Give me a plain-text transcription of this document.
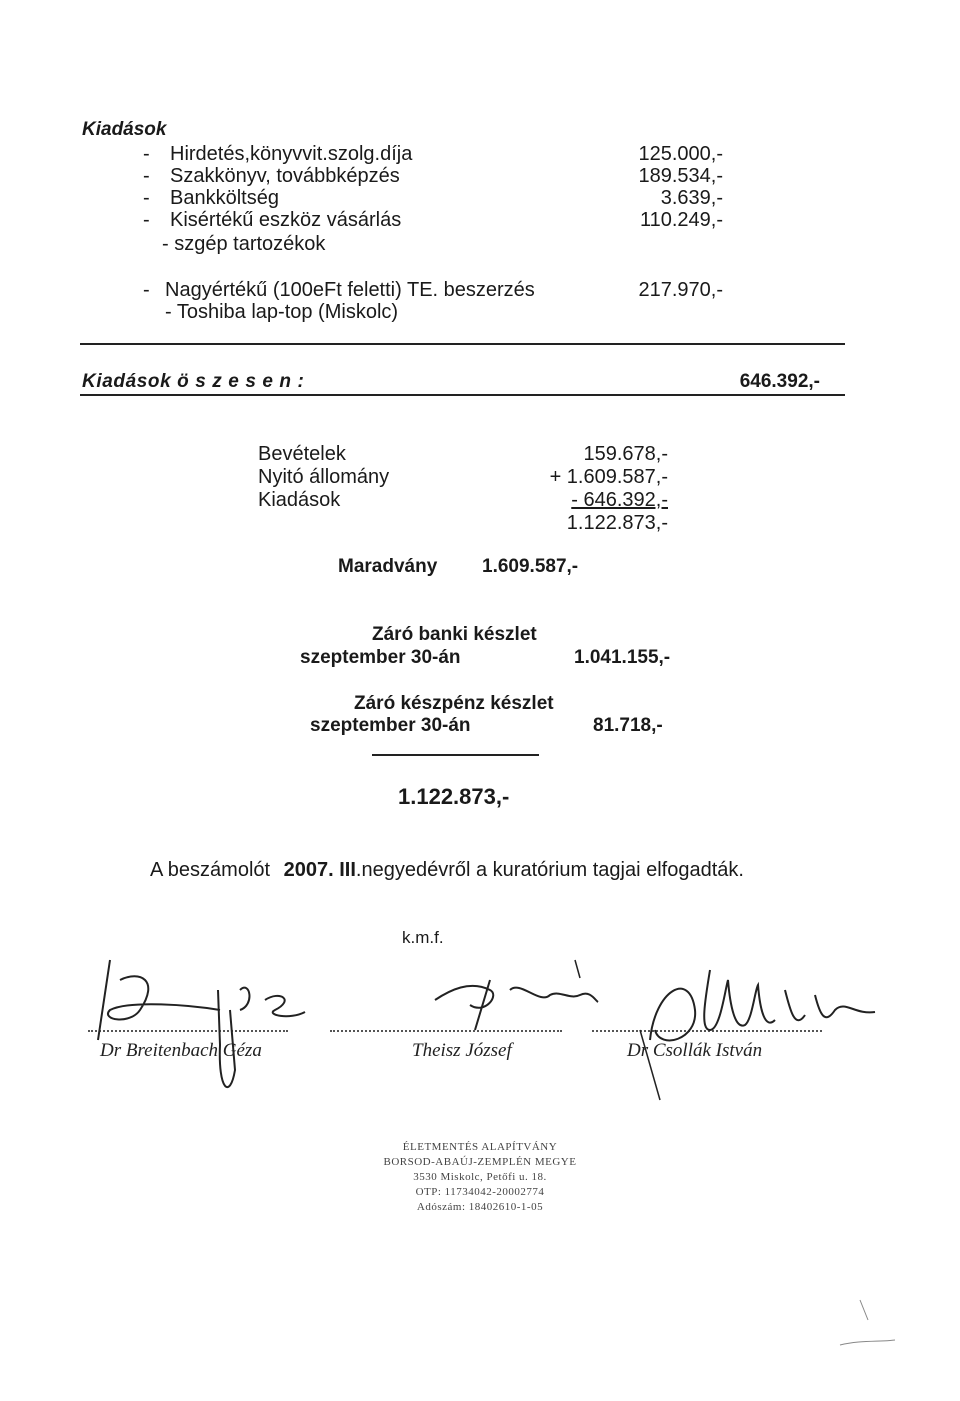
Kiadások
- Hirdetés,könyvvit.szolg.díja	125.000,-
- Szakkönyv, továbbképzés	189.534,-
- Bankköltség	3.639,-
- Kisértékű eszköz vásárlás	110.249,-
- szgép tartozékok
- Nagyértékű (100eFt feletti) TE. beszerzés	217.970,-
- Toshiba lap-top (Miskolc)
Kiadások ö s z e s e n :	646.392,-
Bevételek	159.678,-
Nyitó állomány	+ 1.609.587,-
Kiadások	- 646.392,-
1.122.873,-
Maradvány 1.609.587,-
Záró banki készlet
szeptember 30-án	1.041.155,-
Záró készpénz készlet
szeptember 30-án	81.718,-
1.122.873,-
A beszámolót 2007. III.negyedévről a kuratórium tagjai elfogadták.
k.m.f.
Dr Breitenbach Géza	Theisz József	Dr Csollák István
ÉLETMENTÉS ALAPÍTVÁNY
BORSOD-ABAÚJ-ZEMPLÉN MEGYE
3530 Miskolc, Petőfi u. 18.
OTP: 11734042-20002774
Adószám: 18402610-1-05
